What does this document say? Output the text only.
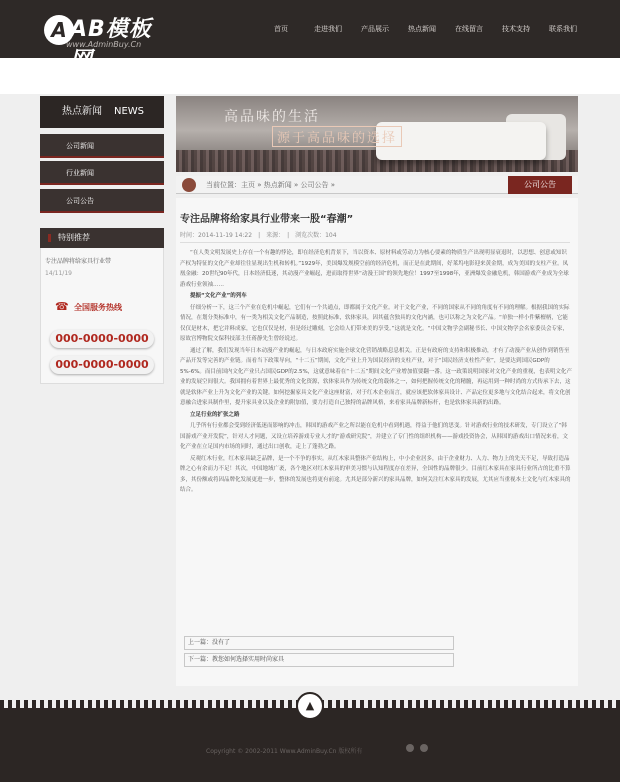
A AB模板
www.AdminBuy.Cn
首页	走进我们	产品展示	热点新闻	在线留言	技术支持	联系我们
热点新闻 NEWS
公司新闻
行业新闻
公司公告
特别推荐
专注品牌将给家具行业带
14/11/19
☎ 全国服务热线
000-0000-0000
000-0000-0000
高品味的生活
源于高品味的选择
当前位置：主页 » 热点新闻 » 公司公告 »	公司公告
专注品牌将给家具行业带来一股“春潮”
时间：2014-11-19 14:22　|　来源：　|　浏览次数：104

“在人类文明发展史上存在一个有趣的悖论，即在经济危机背景下，当以资本、原材料或劳动力为核心要素的物质生产出现明显衰退时，以思想、创意或知识产权为特征的文化产业却往往显现出生机和转机。”1929年，美国爆发规模空前的经济危机，而正是在此期间，好莱坞电影迎来黄金期，成为美国的支柱产业。凤凰金融：20世纪90年代，日本经济低迷，其动漫产业崛起，进而取得世界“动漫王国”的领先地位！1997至1998年，亚洲爆发金融危机，韩国游戏产业成为全球游戏行业领袖……

提振“文化产业”的列车

仔细分析一下，这三个产业在危机中崛起，它们有一个共通点，即都属于文化产业。对于文化产业，不同的国家从不同的角度有不同的理解。根据我国的实际情况，在划分类标准中，有一类为相关文化产品制造，按照此标准，软体家具，因其蕴含独具的文化内涵，也可以称之为文化产品。“单独一样小件紫檀柄，它能仅仅是材木，把它并料成家，它也仅仅是材，但是经过雕刻，它会给人们带来美的享受。”这就是文化。“中国文物学会副秘书长、中国文物学会名家委员会专家，原故宫博物院文保科技部主任蒋静先生曾经说过。

通过了解，我们发现当年日本动漫产业的崛起，与日本政府实施全球文化营销战略息息相关。正是有政府的支持和积极推动，才有了动漫产业从创作到销售至产品开发等完善的产业链。而看当下政策导向，“十二五”期间，文化产业上升为国民经济的支柱产业，对于“国民经济支柱性产业”，是要达到国民GDP的5%-6%。而目前国内文化产业只占国民GDP的2.5%，这就意味着在“十二五”期间文化产业增加值要翻一番。这一政策说明国家对文化产业的重视，也表明文化产业的发展空间很大。我国拥有着世界上最优秀的文化资源，软体家具作为传统文化的载体之一，如何把握传统文化的精髓，再运用到一种时尚的方式传承下去，这就是软体产业上升为文化产业的关键。如何挖掘家具文化产业这座财富，对于红木企业而言，就应该把软体家具设计、产品定位更多地与文化结合起来，将文化创意融合进家具制作里，提升家具业以及企业的附加值，要力打造自己独特的品牌风格，来看家具品牌新标杆，也是软体家具新的出路。

立足行业的扩张之路

几乎所有行业都会受到经济低迷而影响的冲击，韩国的游戏产业之所以能在危机中看到机遇，得益于他们的思变。针对游戏行业的技术研发，专门设立了“韩国游戏产业开发院”，针对人才问题，又设立培养游戏专业人才的“游戏研究院”，并建立了专门性的组织机构——游戏投资协会，从韩国的游戏出口情况来看，文化产业在立足国内市场的同时，通过出口创收，走上了蓬勃之路。

反观红木行业，红木家具缺乏品牌，是一个不争的事实。从红木家具整体产业结构上，中小企业居多，由于企业财力、人力、物力上的先天不足，导致打造品牌之心有余而力不足！其次，中国地域广袤，各个地区对红木家具的审美习惯与认知程度存在差异，全国性的品牌很少。目前红木家具在家具行业所占的比重不算多，其份额或将因品牌化发展更进一步，整体的发展也将更有前途。尤其是部分新兴的家具品牌，如何关注红木家具的发展，尤其应当重视本土文化与红木家具的结合。

上一篇：没有了
下一篇：教您如何选择实用时尚家具
▲
Copyright © 2002-2011 Www.AdminBuy.Cn 版权所有
